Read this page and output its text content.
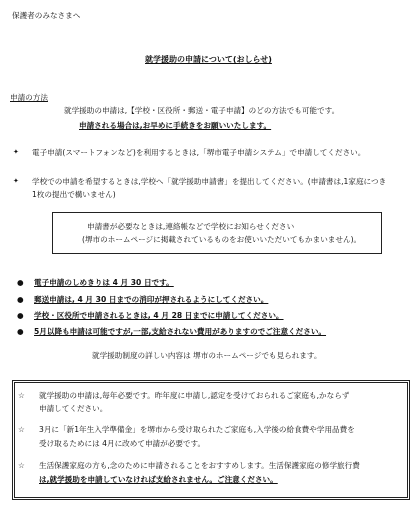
保護者のみなさまへ
就学援助の申請について(おしらせ)
申請の方法
就学援助の申請は,【学校・区役所・郵送・電子申請】のどの方法でも可能です。
申請される場合は,お早めに手続きをお願いいたします。
✦ 電子申請(スマートフォンなど)を利用するときは,「堺市電子申請システム」で申請してください。
✦ 学校での申請を希望するときは,学校へ「就学援助申請書」を提出してください。(申請書は,1家庭につき
1枚の提出で構いません)
申請書が必要なときは,連絡帳などで学校にお知らせください
(堺市のホームページに掲載されているものをお使いいただいてもかまいません)。
● 電子申請のしめきりは 4 月 30 日です。
● 郵送申請は, 4 月 30 日までの消印が押されるようにしてください。
● 学校・区役所で申請されるときは, 4 月 28 日までに申請してください。
● 5月以降も申請は可能ですが,一部,支給されない費用がありますのでご注意ください。
就学援助制度の詳しい内容は 堺市のホームページでも見られます。
☆ 就学援助の申請は,毎年必要です。昨年度に申請し,認定を受けておられるご家庭も,かならず
申請してください。
☆ 3月に「新1年生入学準備金」を堺市から受け取られたご家庭も,入学後の給食費や学用品費を
受け取るためには 4月に改めて申請が必要です。
☆ 生活保護家庭の方も,念のために申請されることをおすすめします。生活保護家庭の修学旅行費
は,就学援助を申請していなければ支給されません。ご注意ください。
